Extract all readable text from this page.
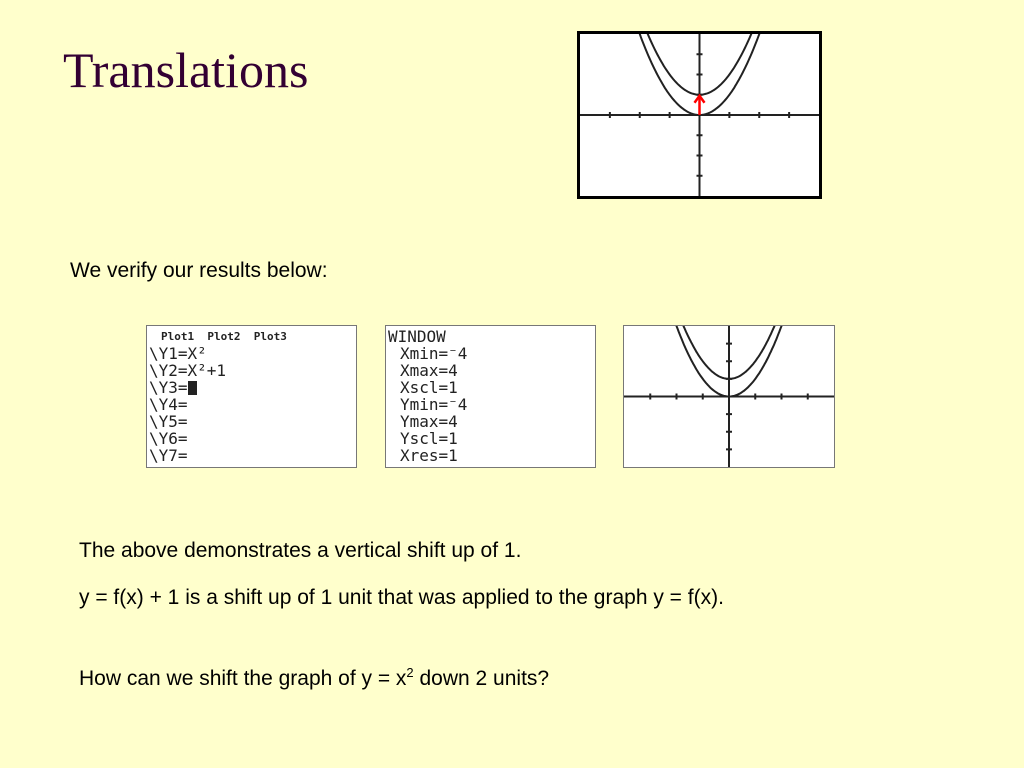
Translations
We verify our results below:
Plot1  Plot2  Plot3
\Y1=X²
\Y2=X²+1
\Y3=
\Y4=
\Y5=
\Y6=
\Y7=
WINDOW
Xmin=⁻4
Xmax=4
Xscl=1
Ymin=⁻4
Ymax=4
Yscl=1
Xres=1
The above demonstrates a vertical shift up of 1.
y = f(x) + 1 is a shift up of 1 unit that was applied to the graph y = f(x).
How can we shift the graph of $y = x^2$ down 2 units?
